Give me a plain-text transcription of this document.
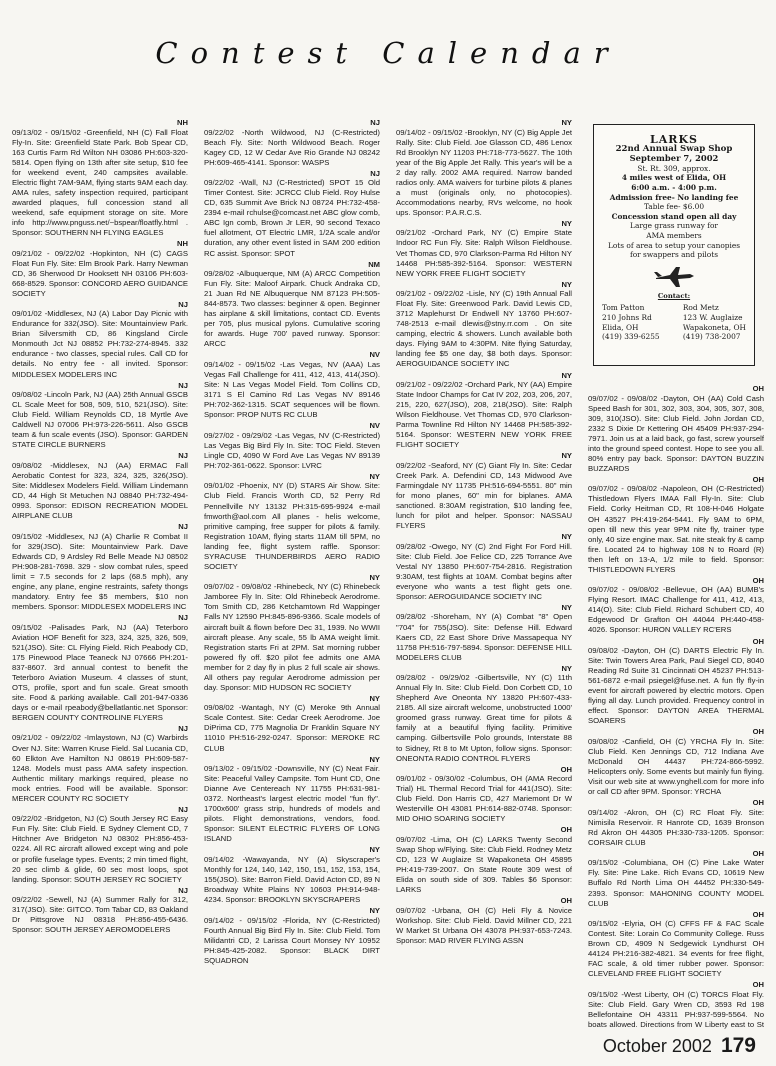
Contest Calendar
NH
09/13/02 - 09/15/02 -Greenfield, NH (C) Fall Float Fly-In. Site: Greenfield State Park. Bob Spear CD, 163 Curtis Farm Rd Wilton NH 03086 PH:603-320-5814. Open flying on 13th after site setup, $10 fee for weekend event, 240 campsites available. Electric flight 7AM-9AM, flying starts 9AM each day. AMA rules, safety inspection required, participant awarded plaques, full concession stand all weekend, safe equipment storage on site. More info http://www.pnguss.net/~bspear/floatfly.html . Sponsor: SOUTHERN NH FLYING EAGLES
NH
09/21/02 - 09/22/02 -Hopkinton, NH (C) CAGS Float Fun Fly. Site: Elm Brook Park. Harry Newman CD, 36 Sherwood Dr Hooksett NH 03106 PH:603-668-8529. Sponsor: CONCORD AERO GUIDANCE SOCIETY
NJ
09/01/02 -Middlesex, NJ (A) Labor Day Picnic with Endurance for 332(JSO). Site: Mountainview Park. Brian Silversmith CD, 86 Kingsland Circle Monmouth Jct NJ 08852 PH:732-274-8945. 332 endurance - two classes, special rules. Call CD for details. No entry fee - all invited. Sponsor: MIDDLESEX MODELERS INC
NJ
09/08/02 -Lincoln Park, NJ (AA) 25th Annual GSCB CL Scale Meet for 508, 509, 510, 521(JSO). Site: Club Field. William Reynolds CD, 18 Myrtle Ave Caldwell NJ 07006 PH:973-226-5611. Also GSCB team & fun scale events (JSO). Sponsor: GARDEN STATE CIRCLE BURNERS
NJ
09/08/02 -Middlesex, NJ (AA) ERMAC Fall Aerobatic Contest for 323, 324, 325, 326(JSO). Site: Middlesex Modelers Field. William Lindemann CD, 44 High St Metuchen NJ 08840 PH:732-494-0993. Sponsor: EDISON RECREATION MODEL AIRPLANE CLUB
NJ
09/15/02 -Middlesex, NJ (A) Charlie R Combat II for 329(JSO). Site: Mountainview Park. Dave Edwards CD, 9 Ardsley Rd Belle Meade NJ 08502 PH:908-281-7698. 329 - slow combat rules, speed limit = 7.5 seconds for 2 laps (68.5 mph), any engine, any plane, engine restraints, safety thongs mandatory. Entry fee $5 members, $10 non members. Sponsor: MIDDLESEX MODELERS INC
NJ
09/15/02 -Palisades Park, NJ (AA) Teterboro Aviation HOF Benefit for 323, 324, 325, 326, 509, 521(JSO). Site: CL Flying Field. Rich Peabody CD, 175 Pinewood Place Teaneck NJ 07666 PH:201-837-8607. 3rd annual contest to benefit the Teterboro Aviation Museum. 4 classes of stunt, OTS, profile, sport and fun scale. Great smooth site. Food & parking available. Call 201-947-0336 days or e-mail rpeabody@bellatlantic.net Sponsor: BERGEN COUNTY CONTROLINE FLYERS
NJ
09/21/02 - 09/22/02 -Imlaystown, NJ (C) Warbirds Over NJ. Site: Warren Kruse Field. Sal Lucania CD, 60 Elkton Ave Hamilton NJ 08619 PH:609-587-1248. Models must pass AMA safety inspection. Authentic military markings required, please no mock entries. Food will be available. Sponsor: MERCER COUNTY RC SOCIETY
NJ
09/22/02 -Bridgeton, NJ (C) South Jersey RC Easy Fun Fly. Site: Club Field. E Sydney Clement CD, 7 Hitchner Ave Bridgeton NJ 08302 PH:856-453-0224. All RC aircraft allowed except wing and pole or profile fuselage types. Events; 2 min timed flight, 20 sec climb & glide, 60 sec most loops, spot landing. Sponsor: SOUTH JERSEY RC SOCIETY
NJ
09/22/02 -Sewell, NJ (A) Summer Rally for 312, 317(JSO). Site: GITCO. Tom Tabar CD, 83 Oakland Dr Pittsgrove NJ 08318 PH:856-455-6436. Sponsor: SOUTH JERSEY AEROMODELERS
NJ
09/22/02 -North Wildwood, NJ (C-Restricted) Beach Fly. Site: North Wildwood Beach. Roger Kagey CD, 12 W Cedar Ave Rio Grande NJ 08242 PH:609-465-4141. Sponsor: WASPS
NJ
09/22/02 -Wall, NJ (C-Restricted) SPOT 15 Old Timer Contest. Site: JCRCC Club Field. Roy Hulse CD, 635 Summit Ave Brick NJ 08724 PH:732-458-2394 e-mail rchulse@comcast.net ABC glow comb, ABC Ign comb, Brown Jr LER, 90 second Texaco fuel allotment, OT Electric LMR, 1/2A scale and/or duration, any other event listed in SAM 200 edition RC assist. Sponsor: SPOT
NM
09/28/02 -Albuquerque, NM (A) ARCC Competition Fun Fly. Site: Maloof Airpark. Chuck Andraka CD, 21 Juan Rd NE Albuquerque NM 87123 PH:505-844-8573. Two classes: beginner & open. Beginner has airplane & skill limitations, contact CD. Events per 705, plus musical pylons. Cumulative scoring for awards. Huge 700' paved runway. Sponsor: ARCC
NV
09/14/02 - 09/15/02 -Las Vegas, NV (AAA) Las Vegas Fall Challenge for 411, 412, 413, 414(JSO). Site: N Las Vegas Model Field. Tom Collins CD, 3171 S El Camino Rd Las Vegas NV 89146 PH:702-362-1315. SCAT sequences will be flown. Sponsor: PROP NUTS RC CLUB
NV
09/27/02 - 09/29/02 -Las Vegas, NV (C-Restricted) Las Vegas Big Bird Fly In. Site: TOC Field. Steven Lingle CD, 4090 W Ford Ave Las Vegas NV 89139 PH:702-361-0622. Sponsor: LVRC
NY
09/01/02 -Phoenix, NY (D) STARS Air Show. Site: Club Field. Francis Worth CD, 52 Perry Rd Pennellville NY 13132 PH:315-695-9924 e-mail fmworth@aol.com All planes - helis welcome, primitive camping, free supper for pilots & family. Registration 10AM, flying starts 11AM till 5PM, no landing fee, flight system raffle. Sponsor: SYRACUSE THUNDERBIRDS AERO RADIO SOCIETY
NY
09/07/02 - 09/08/02 -Rhinebeck, NY (C) Rhinebeck Jamboree Fly In. Site: Old Rhinebeck Aerodrome. Tom Smith CD, 286 Ketchamtown Rd Wappinger Falls NY 12590 PH:845-896-9366. Scale models of aircraft built & flown before Dec 31, 1939. No WWII aircraft please. Any scale, 55 lb AMA weight limit. Registration starts Fri at 2PM. Sat morning rubber powered fly off. $20 pilot fee admits one AMA member for 2 day fly in plus 2 full scale air shows. All others pay regular Aerodrome admission per day. Sponsor: MID HUDSON RC SOCIETY
NY
09/08/02 -Wantagh, NY (C) Meroke 9th Annual Scale Contest. Site: Cedar Creek Aerodrome. Joe DiPrima CD, 775 Magnolia Dr Franklin Square NY 11010 PH:516-292-0247. Sponsor: MEROKE RC CLUB
NY
09/13/02 - 09/15/02 -Downsville, NY (C) Neat Fair. Site: Peaceful Valley Campsite. Tom Hunt CD, One Dianne Ave Centereach NY 11755 PH:631-981-0372. Northeast's largest electric model "fun fly". 1700x600' grass strip, hundreds of models and pilots. Flight demonstrations, vendors, food. Sponsor: SILENT ELECTRIC FLYERS OF LONG ISLAND
NY
09/14/02 -Wawayanda, NY (A) Skyscraper's Monthly for 124, 140, 142, 150, 151, 152, 153, 154, 155(JSO). Site: Barron Field. David Acton CD, 89 N Broadway White Plains NY 10603 PH:914-948-4234. Sponsor: BROOKLYN SKYSCRAPERS
NY
09/14/02 - 09/15/02 -Florida, NY (C-Restricted) Fourth Annual Big Bird Fly In. Site: Club Field. Tom Milidantri CD, 2 Larissa Court Monsey NY 10952 PH:845-425-2082. Sponsor: BLACK DIRT SQUADRON
NY
09/14/02 - 09/15/02 -Brooklyn, NY (C) Big Apple Jet Rally. Site: Club Field. Joe Glasson CD, 486 Lenox Rd Brooklyn NY 11203 PH:718-773-5627. The 10th year of the Big Apple Jet Rally. This year's will be a 2 day rally. 2002 AMA required. Narrow banded radios only. AMA waivers for turbine pilots & planes a must (originals only, no photocopies). Accommodations nearby, RVs welcome, no hook ups. Sponsor: P.A.R.C.S.
NY
09/21/02 -Orchard Park, NY (C) Empire State Indoor RC Fun Fly. Site: Ralph Wilson Fieldhouse. Vet Thomas CD, 970 Clarkson-Parma Rd Hilton NY 14468 PH:585-392-5164. Sponsor: WESTERN NEW YORK FREE FLIGHT SOCIETY
NY
09/21/02 - 09/22/02 -Lisle, NY (C) 19th Annual Fall Float Fly. Site: Greenwood Park. David Lewis CD, 3712 Maplehurst Dr Endwell NY 13760 PH:607-748-2513 e-mail dlewis@stny.rr.com . On site camping, electric & showers. Lunch available both days. Flying 9AM to 4:30PM. Nite flying Saturday, landing fee $5 one day, $8 both days. Sponsor: AEROGUIDANCE SOCIETY INC
NY
09/21/02 - 09/22/02 -Orchard Park, NY (AA) Empire State Indoor Champs for Cat IV 202, 203, 206, 207, 215, 220, 627(JSO), 208, 218(JSO). Site: Ralph Wilson Fieldhouse. Vet Thomas CD, 970 Clarkson-Parma Townline Rd Hilton NY 14468 PH:585-392-5164. Sponsor: WESTERN NEW YORK FREE FLIGHT SOCIETY
NY
09/22/02 -Seaford, NY (C) Giant Fly In. Site: Cedar Creek Park. A. Defendini CD, 143 Midwood Ave Farmingdale NY 11735 PH:516-694-5551. 80" min for mono planes, 60" min for biplanes. AMA sanctioned. 8:30AM registration, $10 landing fee, lunch for pilot and helper. Sponsor: NASSAU FLYERS
NY
09/28/02 -Owego, NY (C) 2nd Fight For Ford Hill. Site: Club Field. Joe Felice CD, 225 Torrance Ave Vestal NY 13850 PH:607-754-2816. Registration 9:30AM, test flights at 10AM. Combat begins after everyone who wants a test flight gets one. Sponsor: AEROGUIDANCE SOCIETY INC
NY
09/28/02 -Shoreham, NY (A) Combat "8" Open "704" for 755(JSO). Site: Defense Hill. Edward Kaers CD, 22 East Shore Drive Massapequa NY 11758 PH:516-797-5894. Sponsor: DEFENSE HILL MODELERS CLUB
NY
09/28/02 - 09/29/02 -Gilbertsville, NY (C) 11th Annual Fly In. Site: Club Field. Don Corbett CD, 10 Shepherd Ave Oneonta NY 13820 PH:607-433-2185. All size aircraft welcome, unobstructed 1000' groomed grass runway. Great time for pilots & family at a beautiful flying facility. Primitive camping. Gilbertsville Polo grounds, Interstate 88 to Sidney, Rt 8 to Mt Upton, follow signs. Sponsor: ONEONTA RADIO CONTROL FLYERS
OH
09/01/02 - 09/30/02 -Columbus, OH (AMA Record Trial) HL Thermal Record Trial for 441(JSO). Site: Club Field. Don Harris CD, 427 Mariemont Dr W Westerville OH 43081 PH:614-882-0748. Sponsor: MID OHIO SOARING SOCIETY
OH
09/07/02 -Lima, OH (C) LARKS Twenty Second Swap Shop w/Flying. Site: Club Field. Rodney Metz CD, 123 W Auglaize St Wapakoneta OH 45895 PH:419-739-2007. On State Route 309 west of Elida on south side of 309. Tables $6 Sponsor: LARKS
OH
09/07/02 -Urbana, OH (C) Heli Fly & Novice Workshop. Site: Club Field. David Millner CD, 221 W Market St Urbana OH 43078 PH:937-653-7243. Sponsor: MAD RIVER FLYING ASSN
LARKS
22nd Annual Swap Shop
September 7, 2002
St. Rt. 309, approx.
4 miles west of Elida, OH
6:00 a.m. - 4:00 p.m.
Admission free- No landing fee
Table fee- $6.00
Concession stand open all day
Large grass runway for
AMA members
Lots of area to setup your canopies
for swappers and pilots
Contact:
Tom Patton
210 Johns Rd
Elida, OH
(419) 339-6255
Rod Metz
123 W. Auglaize
Wapakoneta, OH
(419) 738-2007
OH
09/07/02 - 09/08/02 -Dayton, OH (AA) Cold Cash Speed Bash for 301, 302, 303, 304, 305, 307, 308, 309, 310(JSO). Site: Club Field. John Jordan CD, 2332 S Dixie Dr Kettering OH 45409 PH:937-294-7971. Join us at a laid back, go fast, screw yourself into the ground speed contest. Hope to see you all. 80% entry pay back. Sponsor: DAYTON BUZZIN BUZZARDS
OH
09/07/02 - 09/08/02 -Napoleon, OH (C-Restricted) Thistledown Flyers IMAA Fall Fly-In. Site: Club Field. Corky Heitman CD, Rt 108-H-046 Holgate OH 43527 PH:419-264-5441. Fly 9AM to 6PM, open till new this year 9PM nite fly, trainer type only, 40 size engine max. Sat. nite steak fry & camp fire. Located 24 to highway 108 N to Roard (R) then left on 13-A, 1/2 mile to field. Sponsor: THISTLEDOWN FLYERS
OH
09/07/02 - 09/08/02 -Bellevue, OH (AA) BUMB's Flying Resort. IMAC Challenge for 411, 412, 413, 414(O). Site: Club Field. Richard Schubert CD, 40 Edgewood Dr Grafton OH 44044 PH:440-458-4026. Sponsor: HURON VALLEY RC'ERS
OH
09/08/02 -Dayton, OH (C) DARTS Electric Fly In. Site: Twin Towers Area Park, Paul Siegel CD, 8040 Reading Rd Suite 31 Cincinnati OH 45237 PH:513-561-6872 e-mail psiegel@fuse.net. A fun fly fly-in event for aircraft powered by electric motors. Open flying all day. Lunch provided. Frequency control in effect. Sponsor: DAYTON AREA THERMAL SOARERS
OH
09/08/02 -Canfield, OH (C) YRCHA Fly In. Site: Club Field. Ken Jennings CD, 712 Indiana Ave McDonald OH 44437 PH:724-866-5992. Helicopters only. Some events but mainly fun flying. Visit our web site at www.ynghell.com for more info or call CD after 9PM. Sponsor: YRCHA
OH
09/14/02 -Akron, OH (C) RC Float Fly. Site: Nimisila Reservoir. R Hanrote CD, 1639 Bronson Rd Akron OH 44305 PH:330-733-1205. Sponsor: CORSAIR CLUB
OH
09/15/02 -Columbiana, OH (C) Pine Lake Water Fly. Site: Pine Lake. Rich Evans CD, 10619 New Buffalo Rd North Lima OH 44452 PH:330-549-2393. Sponsor: MAHONING COUNTY MODEL CLUB
OH
09/15/02 -Elyria, OH (C) CFFS FF & FAC Scale Contest. Site: Lorain Co Community College. Russ Brown CD, 4909 N Sedgewick Lyndhurst OH 44124 PH:216-382-4821. 34 events for free flight, FAC scale, & old timer rubber power. Sponsor: CLEVELAND FREE FLIGHT SOCIETY
OH
09/15/02 -West Liberty, OH (C) TORCS Float Fly. Site: Club Field. Gary Wren CD, 3593 Rd 198 Bellefontaine OH 43311 PH:937-599-5564. No boats allowed. Directions from W Liberty east to St
October 2002 179
